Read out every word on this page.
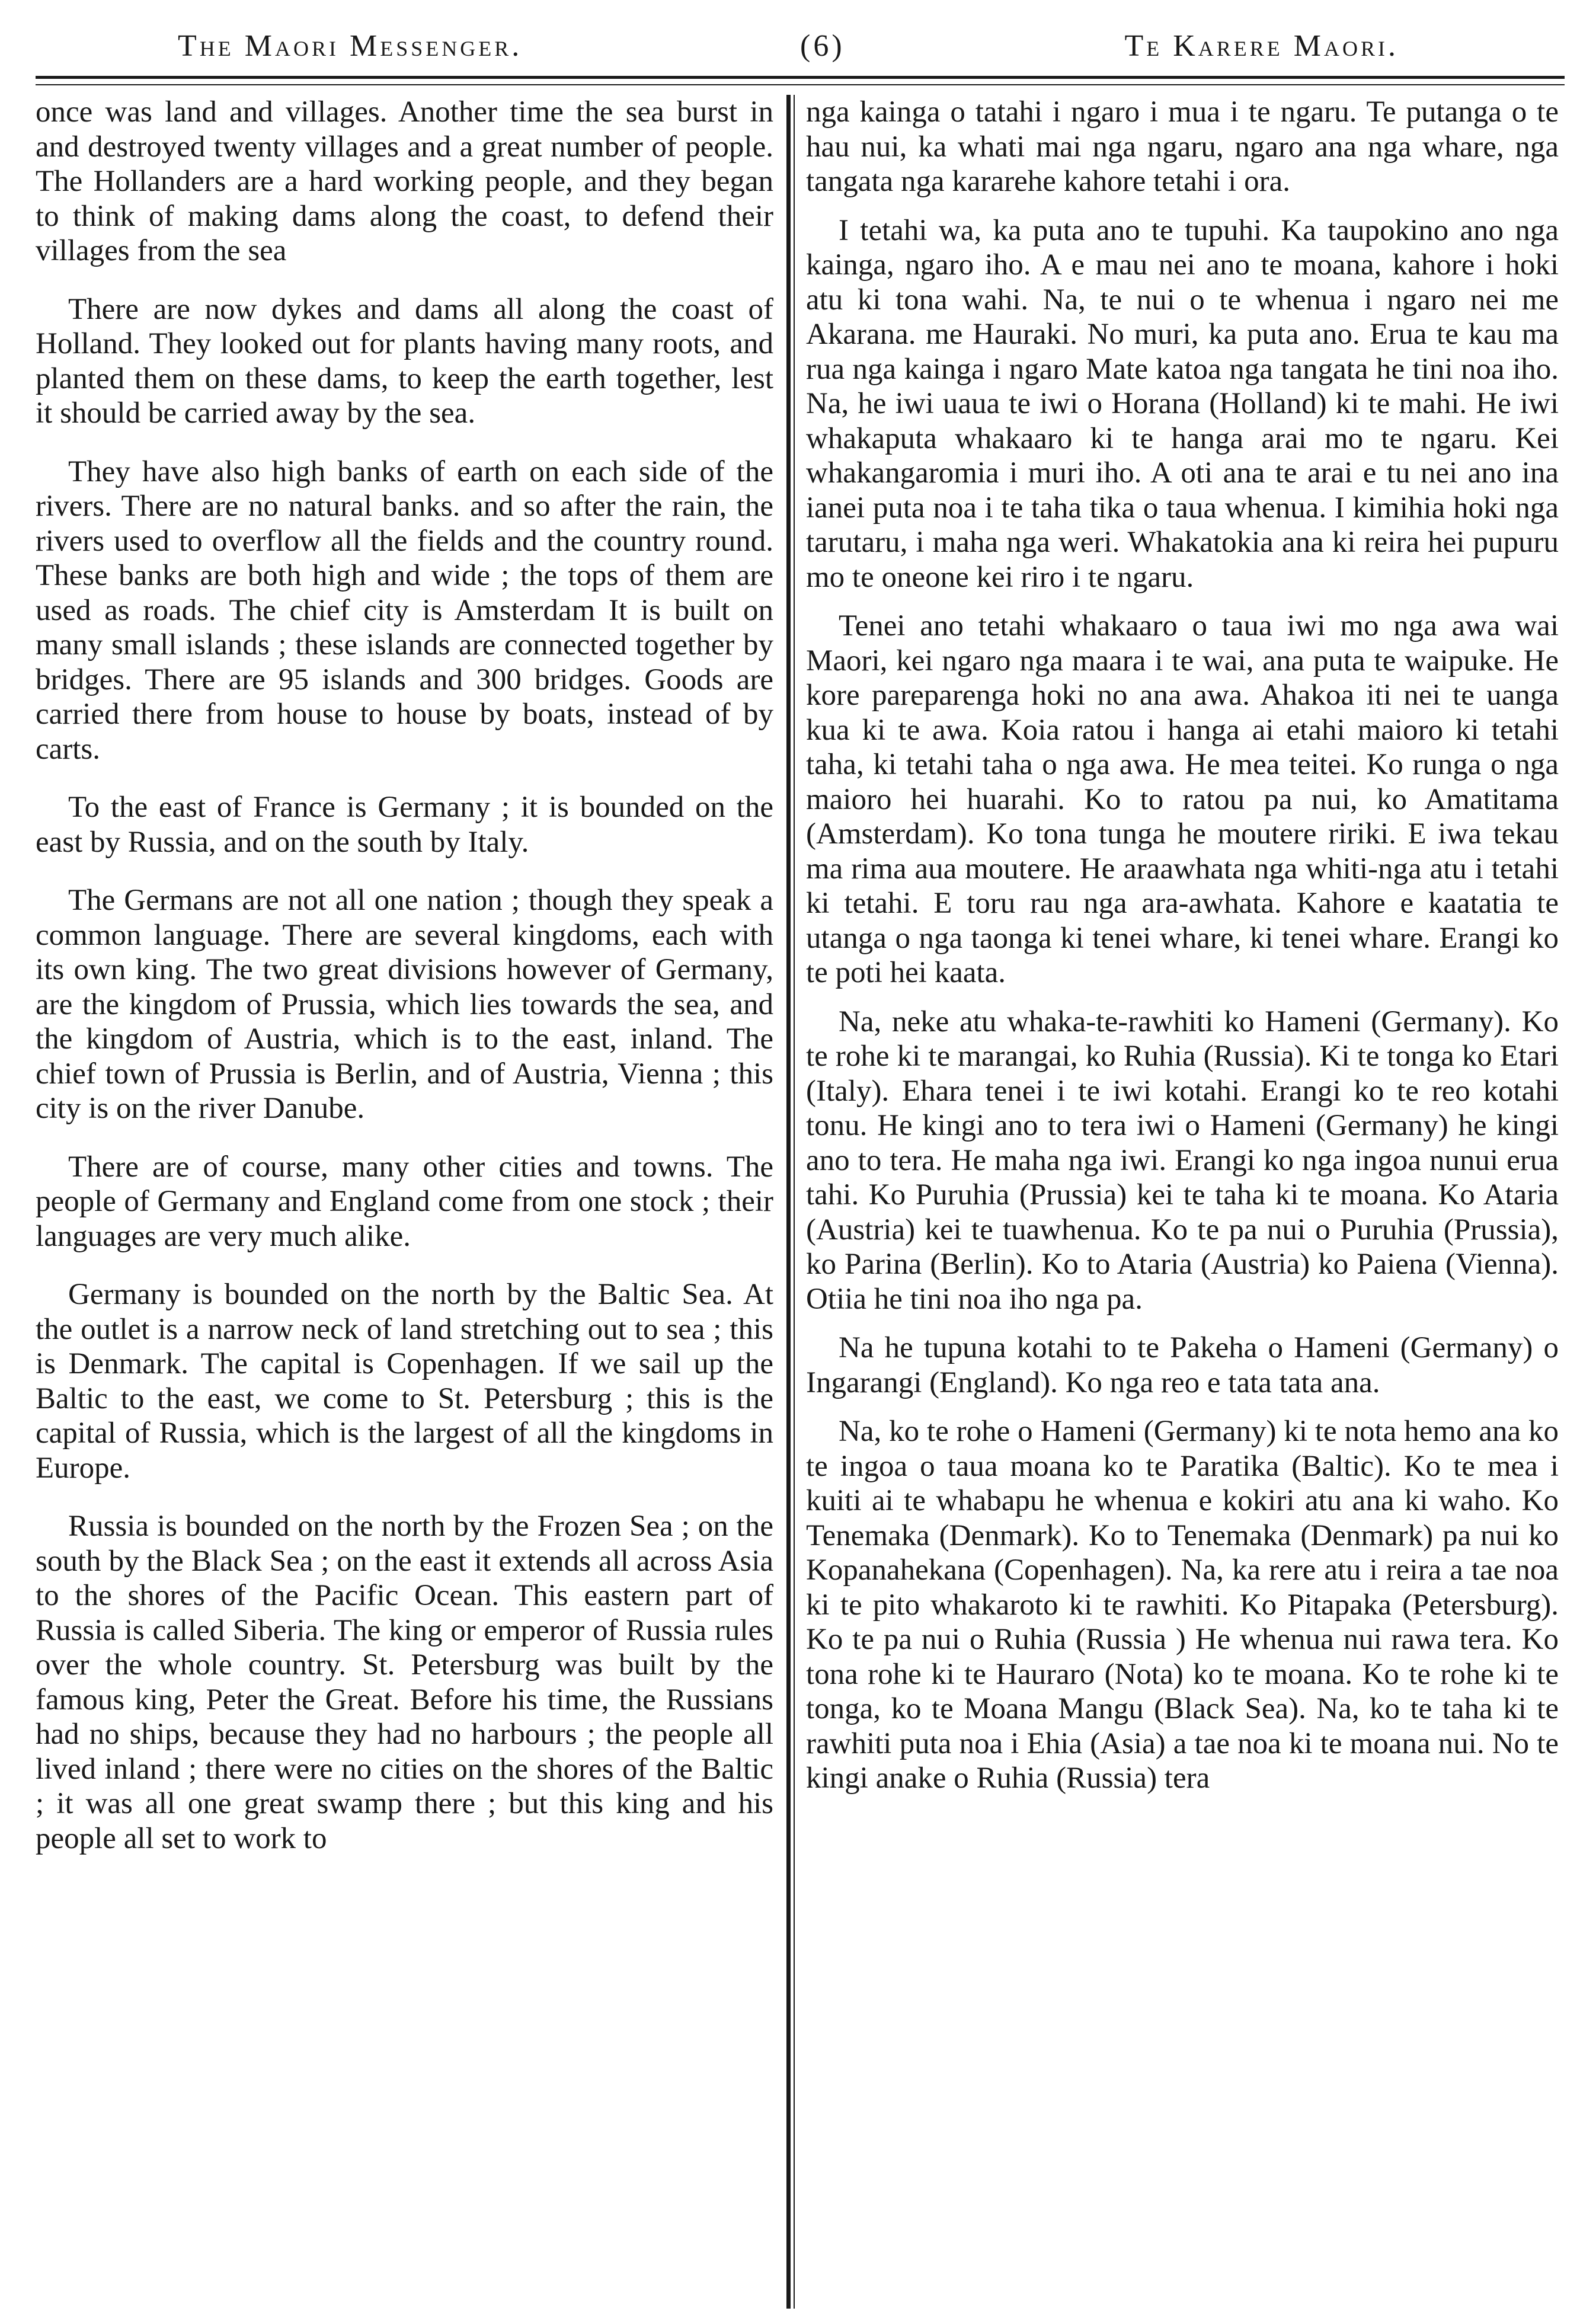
The Maori Messenger.	(6)	Te Karere Maori.

once was land and villages. Another time the sea burst in and destroyed twenty villages and a great number of people. The Hollanders are a hard working people, and they began to think of making dams along the coast, to defend their villages from the sea

There are now dykes and dams all along the coast of Holland. They looked out for plants having many roots, and planted them on these dams, to keep the earth together, lest it should be carried away by the sea.

They have also high banks of earth on each side of the rivers. There are no natural banks. and so after the rain, the rivers used to overflow all the fields and the country round. These banks are both high and wide ; the tops of them are used as roads. The chief city is Amsterdam It is built on many small islands ; these islands are connected together by bridges. There are 95 islands and 300 bridges. Goods are carried there from house to house by boats, instead of by carts.

To the east of France is Germany ; it is bounded on the east by Russia, and on the south by Italy.

The Germans are not all one nation ; though they speak a common language. There are several kingdoms, each with its own king. The two great divisions however of Germany, are the kingdom of Prussia, which lies towards the sea, and the kingdom of Austria, which is to the east, inland. The chief town of Prussia is Berlin, and of Austria, Vienna ; this city is on the river Danube.

There are of course, many other cities and towns. The people of Germany and England come from one stock ; their languages are very much alike.

Germany is bounded on the north by the Baltic Sea. At the outlet is a narrow neck of land stretching out to sea ; this is Denmark. The capital is Copenhagen. If we sail up the Baltic to the east, we come to St. Petersburg ; this is the capital of Russia, which is the largest of all the kingdoms in Europe.

Russia is bounded on the north by the Frozen Sea ; on the south by the Black Sea ; on the east it extends all across Asia to the shores of the Pacific Ocean. This eastern part of Russia is called Siberia. The king or emperor of Russia rules over the whole country. St. Petersburg was built by the famous king, Peter the Great. Before his time, the Russians had no ships, because they had no harbours ; the people all lived inland ; there were no cities on the shores of the Baltic ; it was all one great swamp there ; but this king and his people all set to work to

nga kainga o tatahi i ngaro i mua i te ngaru. Te putanga o te hau nui, ka whati mai nga ngaru, ngaro ana nga whare, nga tangata nga kararehe kahore tetahi i ora.

I tetahi wa, ka puta ano te tupuhi. Ka taupokino ano nga kainga, ngaro iho. A e mau nei ano te moana, kahore i hoki atu ki tona wahi. Na, te nui o te whenua i ngaro nei me Akarana. me Hauraki. No muri, ka puta ano. Erua te kau ma rua nga kainga i ngaro Mate katoa nga tangata he tini noa iho. Na, he iwi uaua te iwi o Horana (Holland) ki te mahi. He iwi whakaputa whakaaro ki te hanga arai mo te ngaru. Kei whakangaromia i muri iho. A oti ana te arai e tu nei ano ina ianei puta noa i te taha tika o taua whenua. I kimihia hoki nga tarutaru, i maha nga weri. Whakatokia ana ki reira hei pupuru mo te oneone kei riro i te ngaru.

Tenei ano tetahi whakaaro o taua iwi mo nga awa wai Maori, kei ngaro nga maara i te wai, ana puta te waipuke. He kore pareparenga hoki no ana awa. Ahakoa iti nei te uanga kua ki te awa. Koia ratou i hanga ai etahi maioro ki tetahi taha, ki tetahi taha o nga awa. He mea teitei. Ko runga o nga maioro hei huarahi. Ko to ratou pa nui, ko Amatitama (Amsterdam). Ko tona tunga he moutere ririki. E iwa tekau ma rima aua moutere. He araawhata nga whiti-nga atu i tetahi ki tetahi. E toru rau nga ara-awhata. Kahore e kaatatia te utanga o nga taonga ki tenei whare, ki tenei whare. Erangi ko te poti hei kaata.

Na, neke atu whaka-te-rawhiti ko Hameni (Germany). Ko te rohe ki te marangai, ko Ruhia (Russia). Ki te tonga ko Etari (Italy). Ehara tenei i te iwi kotahi. Erangi ko te reo kotahi tonu. He kingi ano to tera iwi o Hameni (Germany) he kingi ano to tera. He maha nga iwi. Erangi ko nga ingoa nunui erua tahi. Ko Puruhia (Prussia) kei te taha ki te moana. Ko Ataria (Austria) kei te tuawhenua. Ko te pa nui o Puruhia (Prussia), ko Parina (Berlin). Ko to Ataria (Austria) ko Paiena (Vienna). Otiia he tini noa iho nga pa.

Na he tupuna kotahi to te Pakeha o Hameni (Germany) o Ingarangi (England). Ko nga reo e tata tata ana.

Na, ko te rohe o Hameni (Germany) ki te nota hemo ana ko te ingoa o taua moana ko te Paratika (Baltic). Ko te mea i kuiti ai te whabapu he whenua e kokiri atu ana ki waho. Ko Tenemaka (Denmark). Ko to Tenemaka (Denmark) pa nui ko Kopanahekana (Copenhagen). Na, ka rere atu i reira a tae noa ki te pito whakaroto ki te rawhiti. Ko Pitapaka (Petersburg). Ko te pa nui o Ruhia (Russia ) He whenua nui rawa tera. Ko tona rohe ki te Hauraro (Nota) ko te moana. Ko te rohe ki te tonga, ko te Moana Mangu (Black Sea). Na, ko te taha ki te rawhiti puta noa i Ehia (Asia) a tae noa ki te moana nui. No te kingi anake o Ruhia (Russia) tera
